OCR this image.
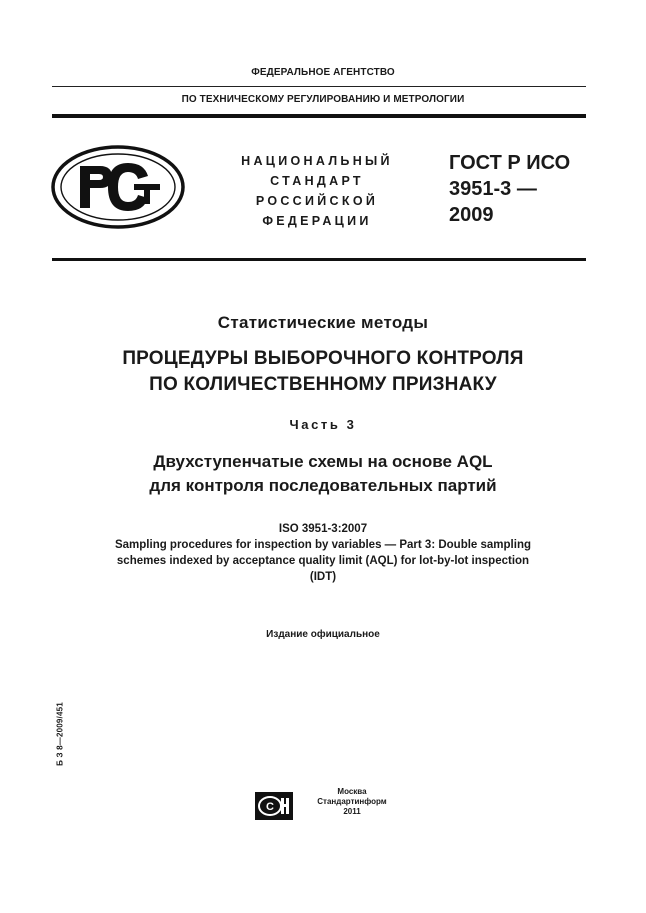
ФЕДЕРАЛЬНОЕ АГЕНТСТВО
ПО ТЕХНИЧЕСКОМУ РЕГУЛИРОВАНИЮ И МЕТРОЛОГИИ
НАЦИОНАЛЬНЫЙ
СТАНДАРТ
РОССИЙСКОЙ
ФЕДЕРАЦИИ
ГОСТ Р ИСО
3951-3 —
2009
Статистические методы
ПРОЦЕДУРЫ ВЫБОРОЧНОГО КОНТРОЛЯ
ПО КОЛИЧЕСТВЕННОМУ ПРИЗНАКУ
Часть 3
Двухступенчатые схемы на основе AQL
для контроля последовательных партий
ISO 3951-3:2007
Sampling procedures for inspection by variables — Part 3: Double sampling
schemes indexed by acceptance quality limit (AQL) for lot-by-lot inspection
(IDT)
Издание официальное
Б З 8—2009/451
С
Москва
Стандартинформ
2011
